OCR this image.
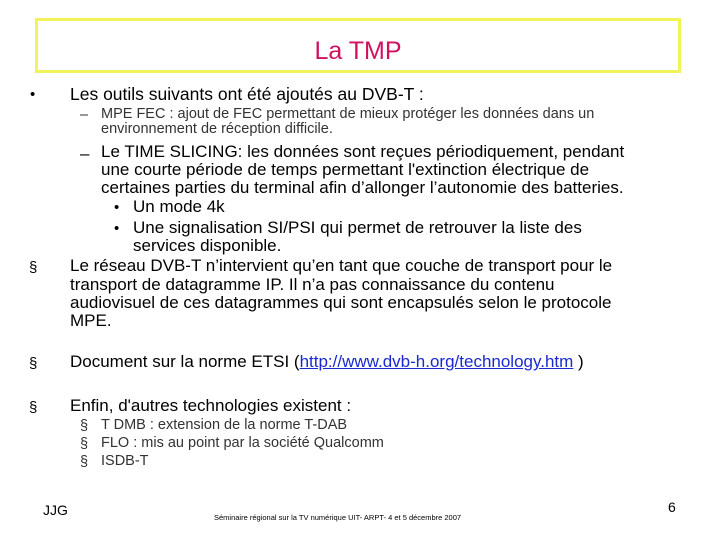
La TMP
• Les outils suivants ont été ajoutés au DVB-T :
– MPE FEC : ajout de FEC permettant de mieux protéger les données dans un
environnement de réception difficile.
– Le TIME SLICING: les données sont reçues périodiquement, pendant
une courte période de temps permettant l'extinction électrique de
certaines parties du terminal afin d’allonger l’autonomie des batteries.
• Un mode 4k
• Une signalisation SI/PSI qui permet de retrouver la liste des
services disponible.
§ Le réseau DVB-T n’intervient qu’en tant que couche de transport pour le
transport de datagramme IP. Il n’a pas connaissance du contenu
audiovisuel de ces datagrammes qui sont encapsulés selon le protocole
MPE.
§ Document sur la norme ETSI (http://www.dvb-h.org/technology.htm )
§ Enfin, d'autres technologies existent :
§ T DMB : extension de la norme T-DAB
§ FLO : mis au point par la société Qualcomm
§ ISDB-T
JJG	Séminaire régional sur la TV numérique UIT- ARPT- 4 et 5 décembre 2007
6
